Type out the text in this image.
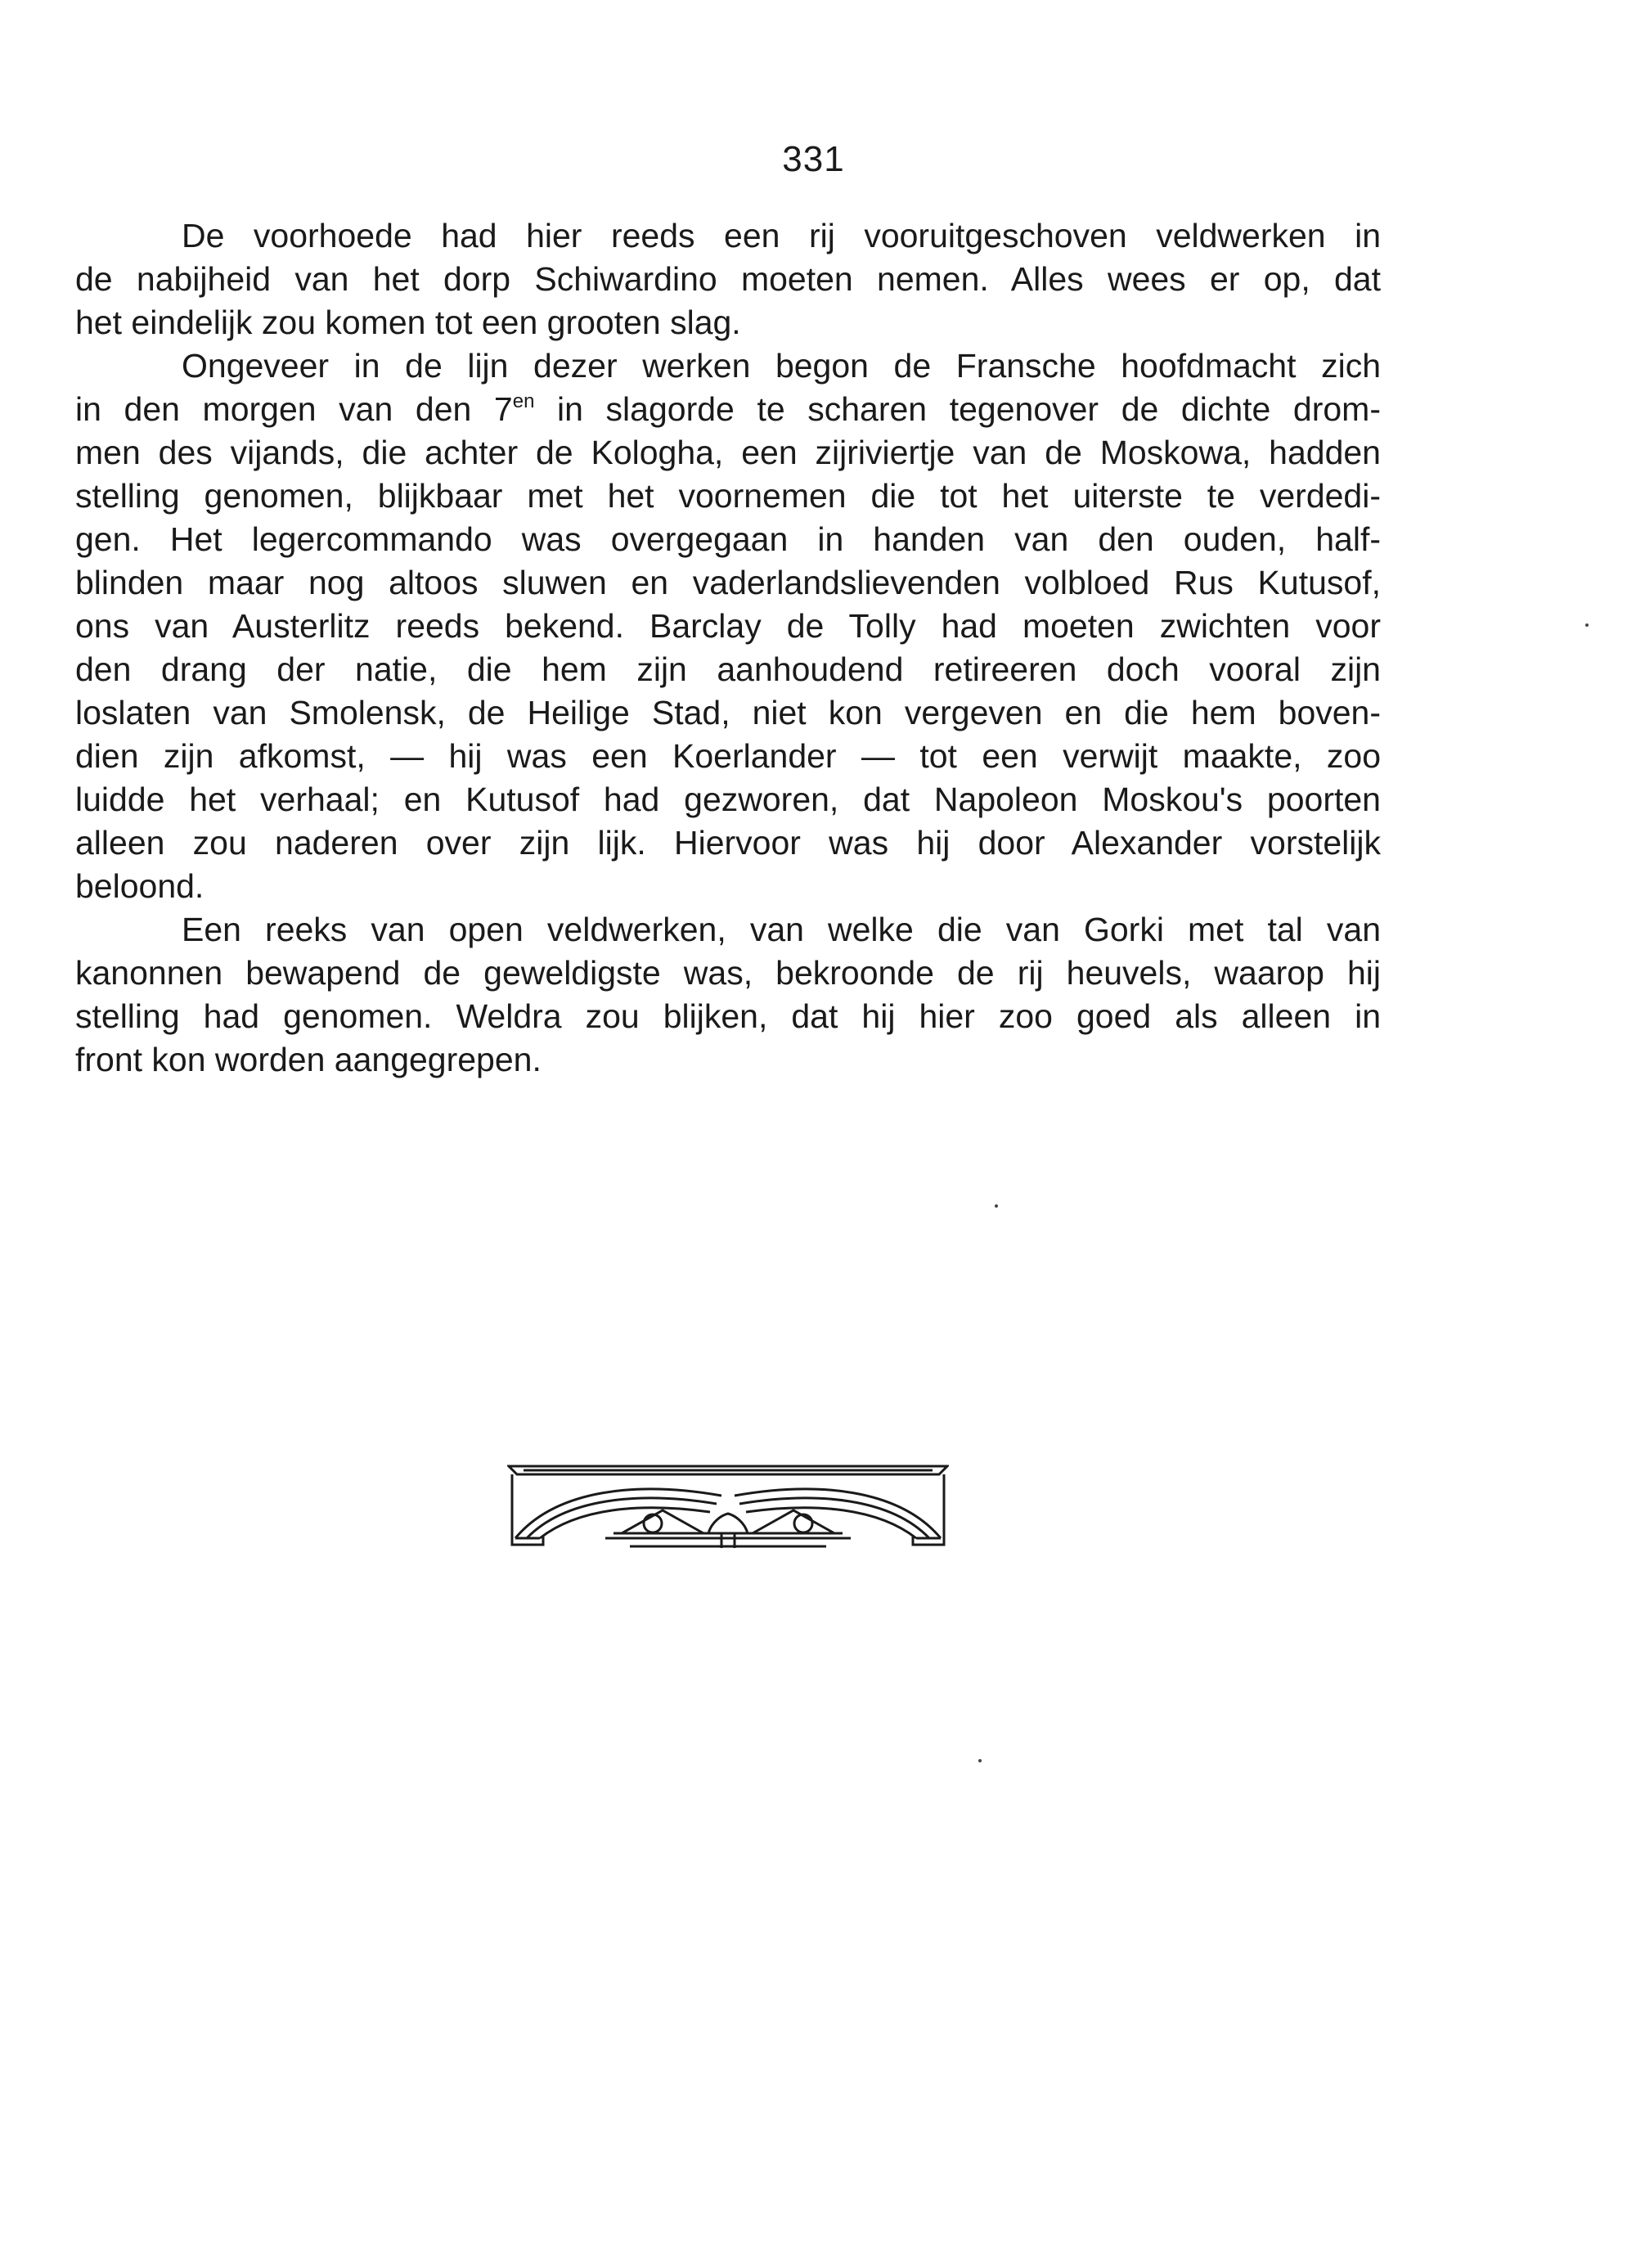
331

De voorhoede had hier reeds een rij vooruitgeschoven veldwerken in
de nabijheid van het dorp Schiwardino moeten nemen. Alles wees er op, dat
het eindelijk zou komen tot een grooten slag.

Ongeveer in de lijn dezer werken begon de Fransche hoofdmacht zich
in den morgen van den $7^{en}$ in slagorde te scharen tegenover de dichte drom-
men des vijands, die achter de Kologha, een zijriviertje van de Moskowa, hadden
stelling genomen, blijkbaar met het voornemen die tot het uiterste te verdedi-
gen. Het legercommando was overgegaan in handen van den ouden, half-
blinden maar nog altoos sluwen en vaderlandslievenden volbloed Rus Kutusof,
ons van Austerlitz reeds bekend. Barclay de Tolly had moeten zwichten voor
den drang der natie, die hem zijn aanhoudend retireeren doch vooral zijn
loslaten van Smolensk, de Heilige Stad, niet kon vergeven en die hem boven-
dien zijn afkomst, — hij was een Koerlander — tot een verwijt maakte, zoo
luidde het verhaal; en Kutusof had gezworen, dat Napoleon Moskou's poorten
alleen zou naderen over zijn lijk. Hiervoor was hij door Alexander vorstelijk
beloond.

Een reeks van open veldwerken, van welke die van Gorki met tal van
kanonnen bewapend de geweldigste was, bekroonde de rij heuvels, waarop hij
stelling had genomen. Weldra zou blijken, dat hij hier zoo goed als alleen in
front kon worden aangegrepen.
